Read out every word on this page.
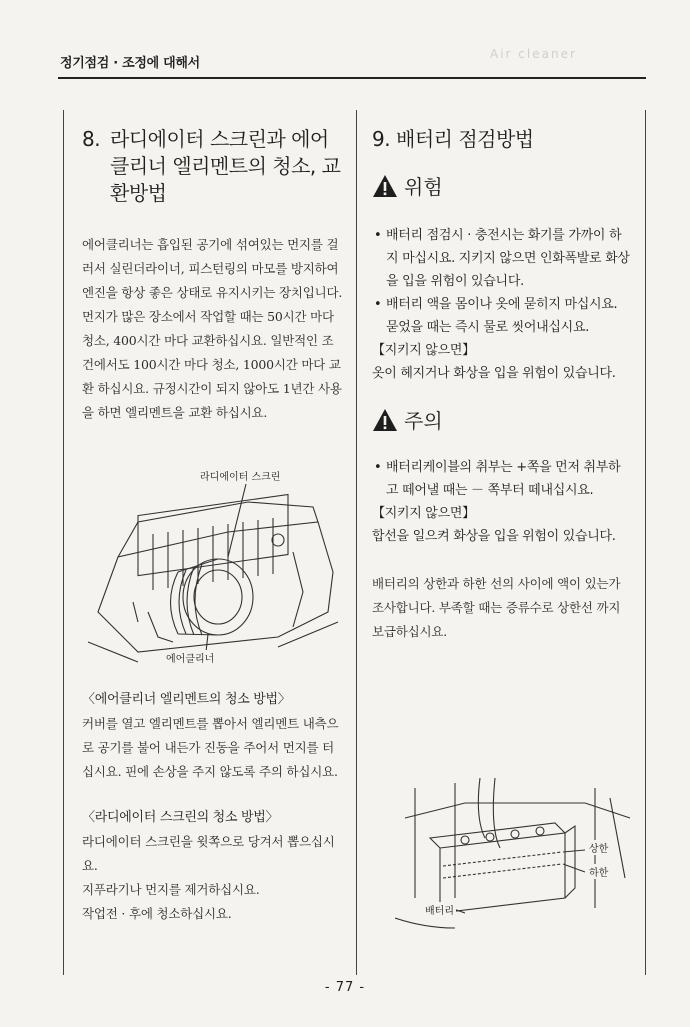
정기점검 · 조정에 대해서
Air cleaner
8. 라디에이터 스크린과 에어클리너 엘리멘트의 청소, 교환방법

에어클리너는 흡입된 공기에 섞여있는 먼지를 걸러서 실린더라이너, 피스턴링의 마모를 방지하여 엔진을 항상 좋은 상태로 유지시키는 장치입니다. 먼지가 많은 장소에서 작업할 때는 50시간 마다 청소, 400시간 마다 교환하십시요. 일반적인 조건에서도 100시간 마다 청소, 1000시간 마다 교환 하십시요. 규정시간이 되지 않아도 1년간 사용을 하면 엘리멘트을 교환 하십시요.

라디에이터 스크린
에어클리너

〈에어클리너 엘리멘트의 청소 방법〉

커버를 열고 엘리멘트를 뽑아서 엘리멘트 내측으로 공기를 불어 내든가 진동을 주어서 먼지를 터십시요. 핀에 손상을 주지 않도록 주의 하십시요.

〈라디에이터 스크린의 청소 방법〉

라디에이터 스크린을 윗쪽으로 당겨서 뽑으십시요.

지푸라기나 먼지를 제거하십시요.

작업전 · 후에 청소하십시요.

9. 배터리 점검방법
위험
• 배터리 점검시 · 충전시는 화기를 가까이 하지 마십시요. 지키지 않으면 인화폭발로 화상을 입을 위험이 있습니다.
• 배터리 액을 몸이나 옷에 묻히지 마십시요.

묻었을 때는 즉시 물로 씻어내십시요.

【지키지 않으면】

옷이 헤지거나 화상을 입을 위험이 있습니다.

주의
• 배터리케이블의 취부는 +쪽을 먼저 취부하고 떼어낼 때는 － 쪽부터 떼내십시요.

【지키지 않으면】

합선을 일으켜 화상을 입을 위험이 있습니다.

배터리의 상한과 하한 선의 사이에 액이 있는가 조사합니다. 부족할 때는 증류수로 상한선 까지 보급하십시요.

상한
하한
배터리
- 77 -
